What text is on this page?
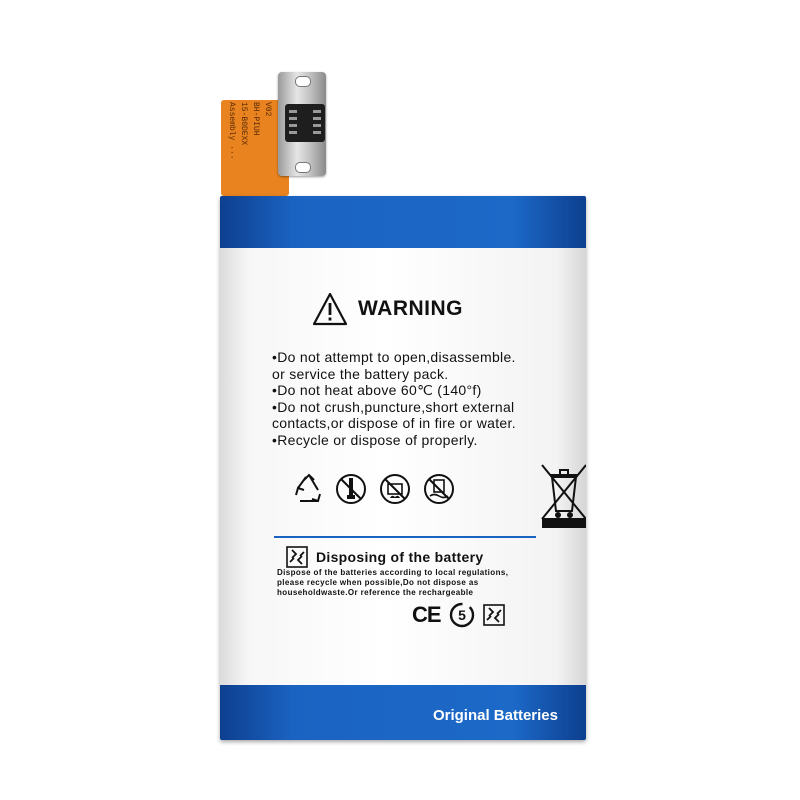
Assembly ··· 15-B0DEXX BH-PIUH V02
WARNING
•Do not attempt to open,disassemble.
or service the battery pack.
•Do not heat above 60℃ (140°f)
•Do not crush,puncture,short external
contacts,or dispose of in fire or water.
•Recycle or dispose of properly.
Disposing of the battery
Dispose of the batteries according to local regulations,
please recycle when possible,Do not dispose as
householdwaste.Or reference the rechargeable
CE 5
Original Batteries
